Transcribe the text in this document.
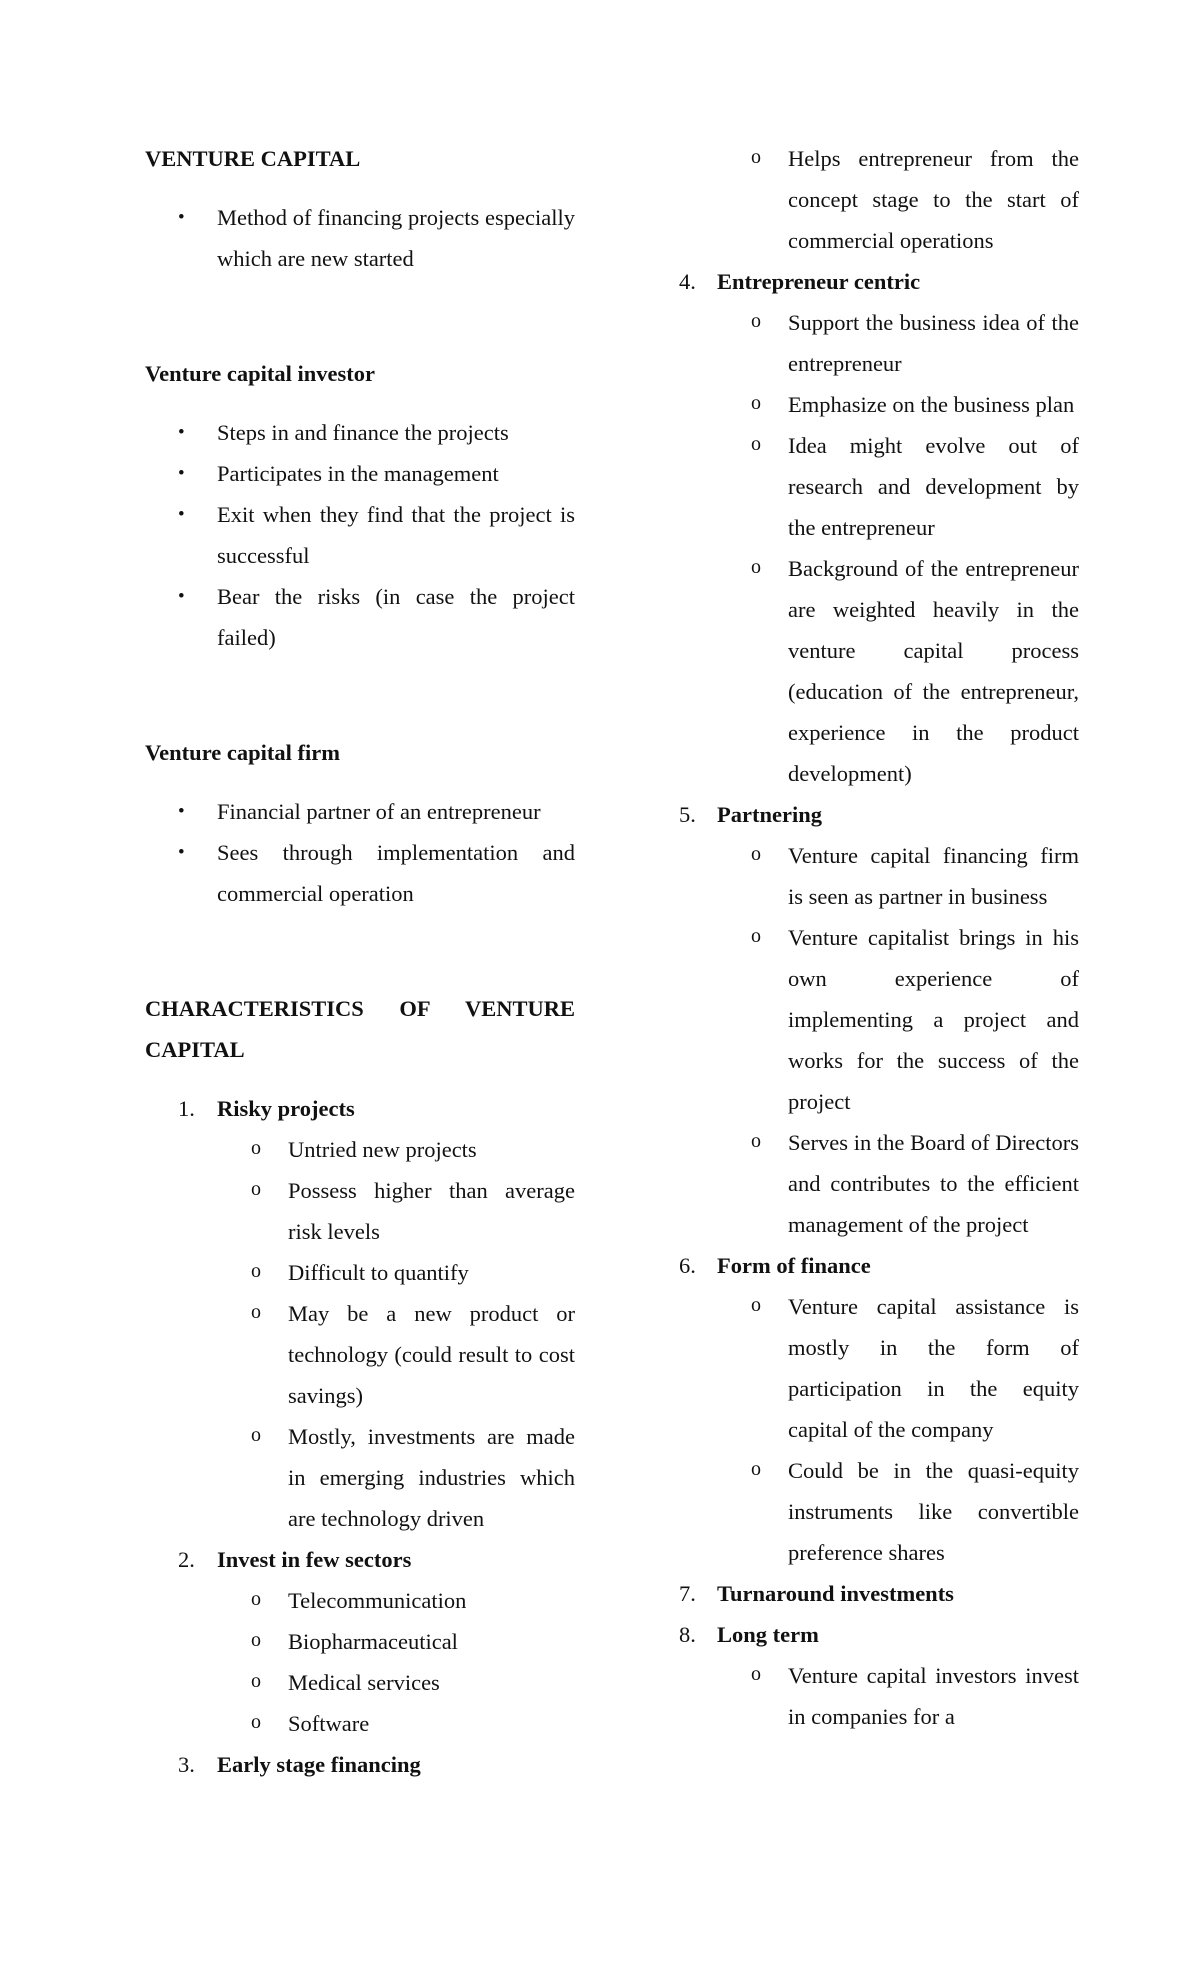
VENTURE CAPITAL
• Method of financing projects especially which are new started
Venture capital investor
• Steps in and finance the projects
• Participates in the management
• Exit when they find that the project is successful
• Bear the risks (in case the project failed)
Venture capital firm
• Financial partner of an entrepreneur
• Sees through implementation and commercial operation
CHARACTERISTICS OF VENTURE
CAPITAL
1. Risky projects
o Untried new projects
o Possess higher than average risk levels
o Difficult to quantify
o May be a new product or technology (could result to cost savings)
o Mostly, investments are made in emerging industries which are technology driven
2. Invest in few sectors
o Telecommunication
o Biopharmaceutical
o Medical services
o Software
3. Early stage financing
o Helps entrepreneur from the concept stage to the start of commercial operations
4. Entrepreneur centric
o Support the business idea of the entrepreneur
o Emphasize on the business plan
o Idea might evolve out of research and development by the entrepreneur
o Background of the entrepreneur are weighted heavily in the venture capital process (education of the entrepreneur, experience in the product development)
5. Partnering
o Venture capital financing firm is seen as partner in business
o Venture capitalist brings in his own experience of implementing a project and works for the success of the project
o Serves in the Board of Directors and contributes to the efficient management of the project
6. Form of finance
o Venture capital assistance is mostly in the form of participation in the equity capital of the company
o Could be in the quasi-equity instruments like convertible preference shares
7. Turnaround investments
8. Long term
o Venture capital investors invest in companies for a
